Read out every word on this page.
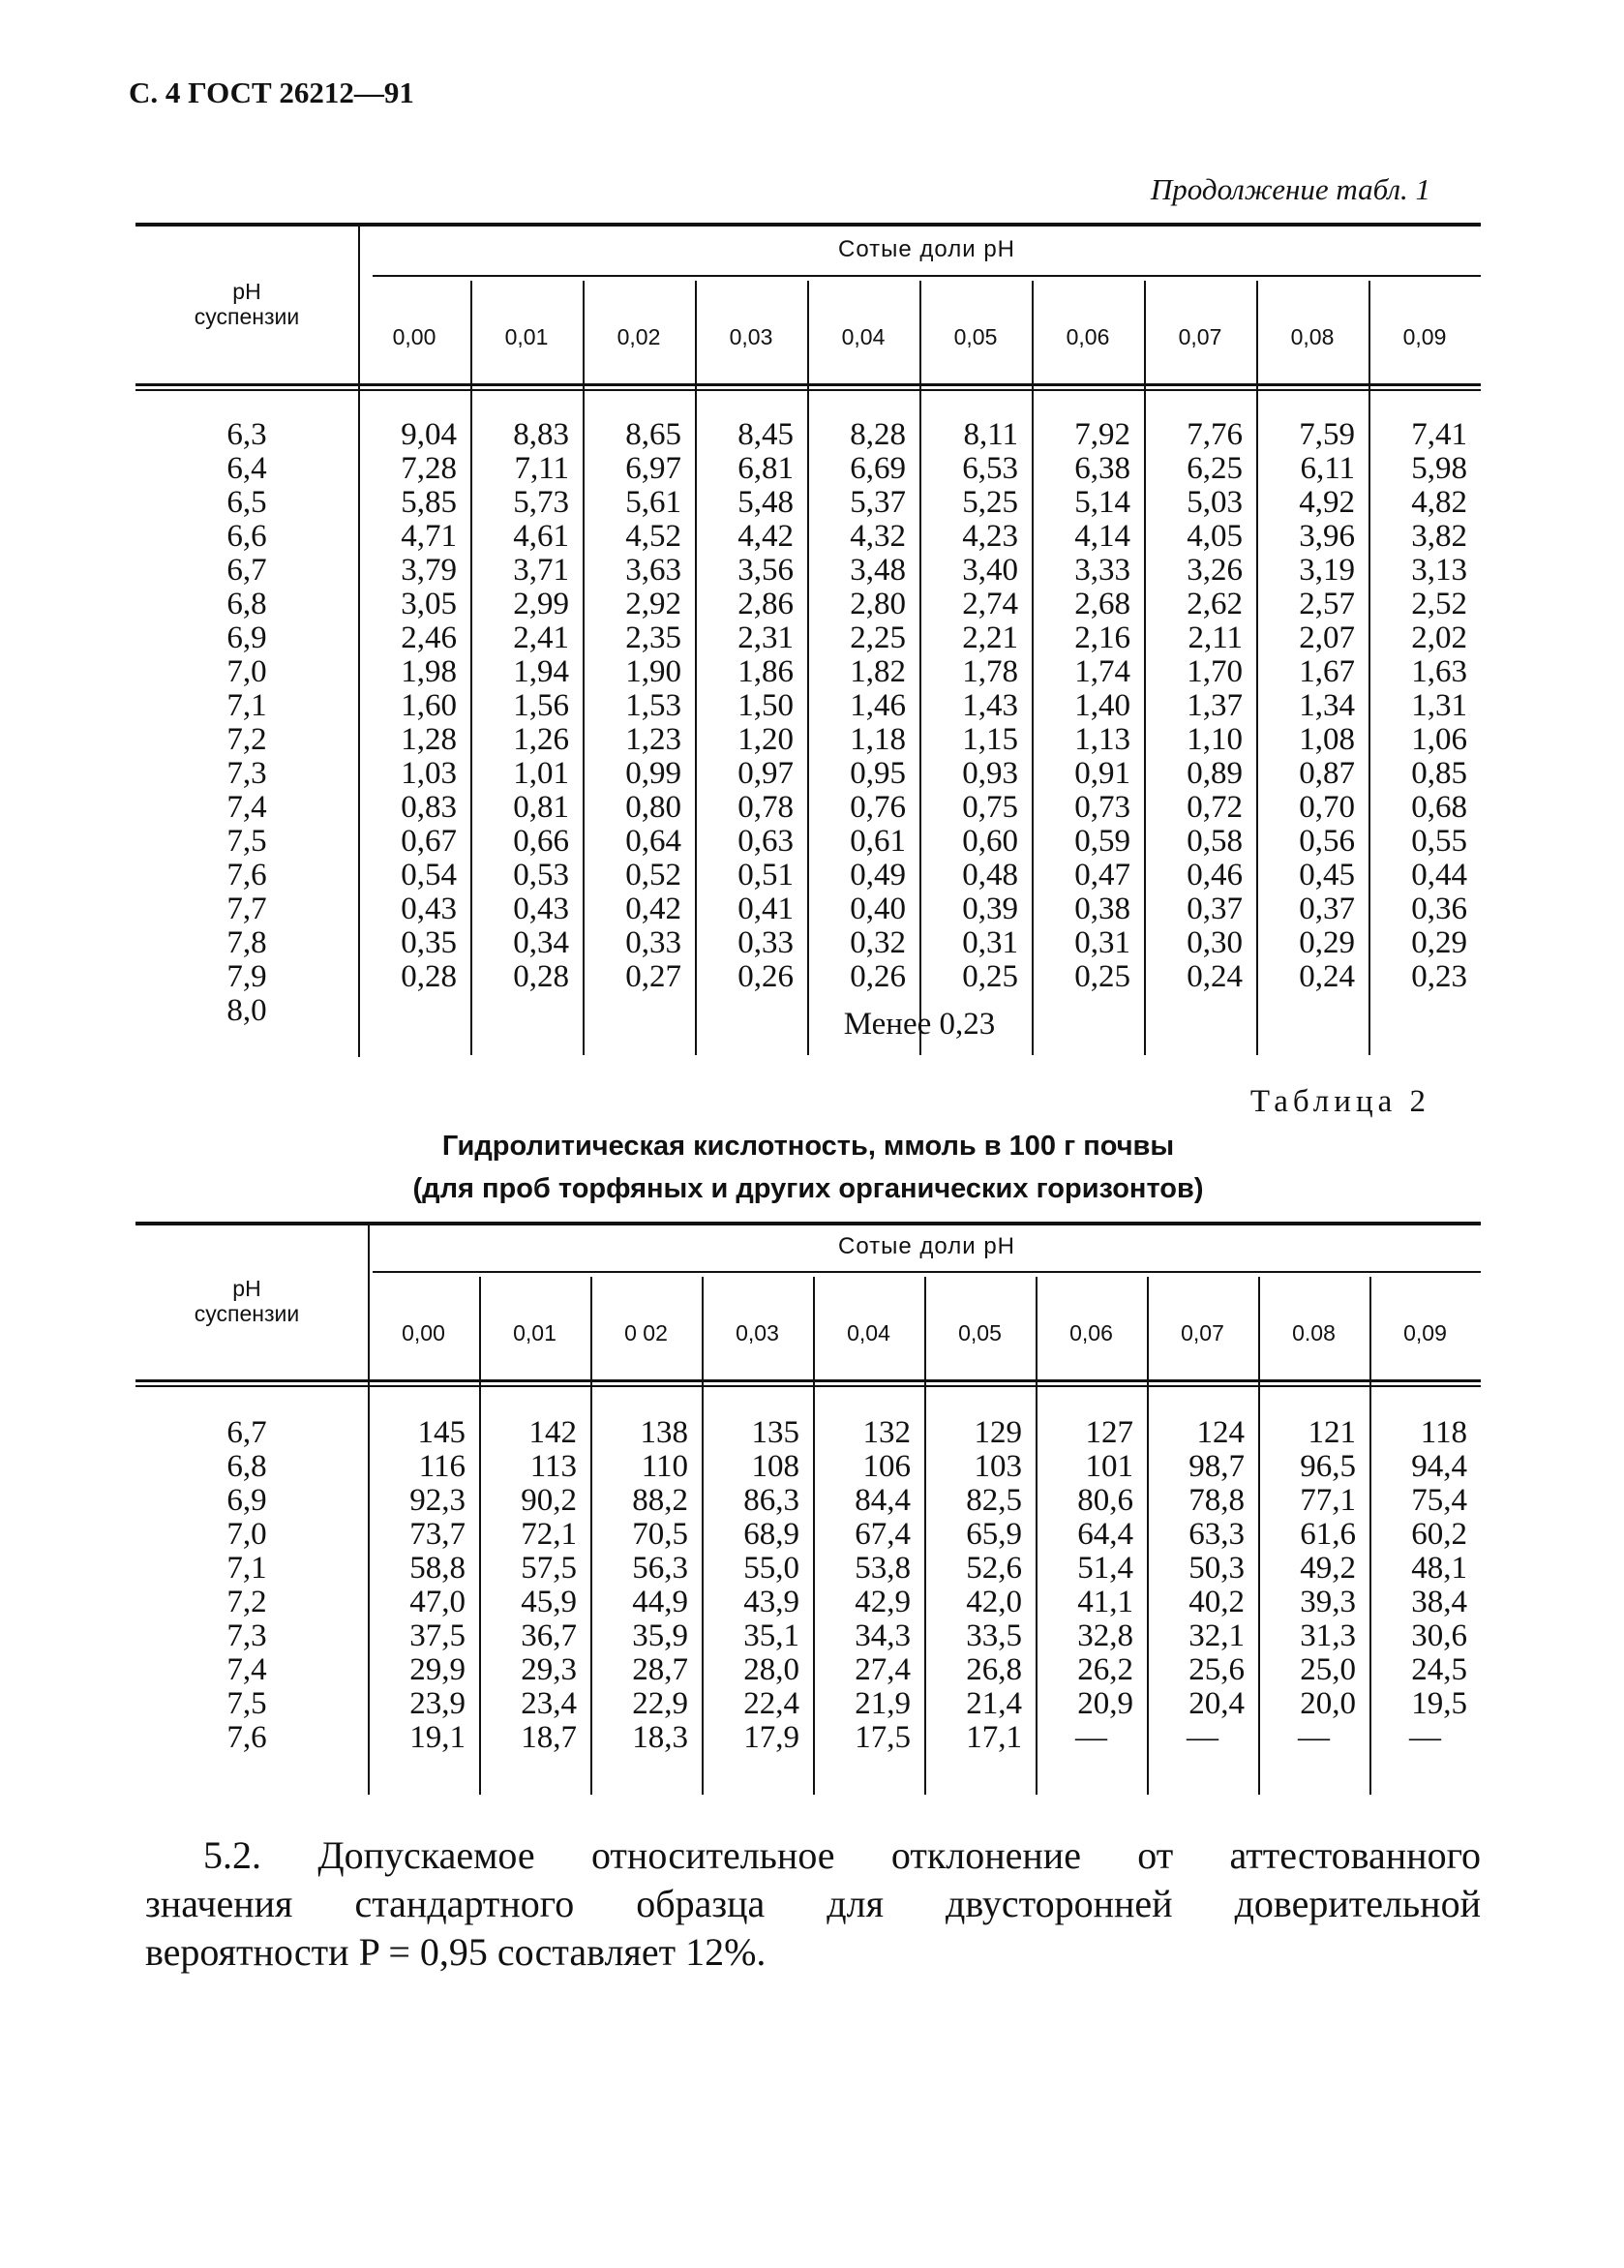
С. 4 ГОСТ 26212—91
Продолжение табл. 1
рН
суспензии
Сотые доли рН
0,00	0,01	0,02	0,03	0,04	0,05	0,06	0,07	0,08	0,09
6,3	9,04	8,83	8,65	8,45	8,28	8,11	7,92	7,76	7,59	7,41
6,4	7,28	7,11	6,97	6,81	6,69	6,53	6,38	6,25	6,11	5,98
6,5	5,85	5,73	5,61	5,48	5,37	5,25	5,14	5,03	4,92	4,82
6,6	4,71	4,61	4,52	4,42	4,32	4,23	4,14	4,05	3,96	3,82
6,7	3,79	3,71	3,63	3,56	3,48	3,40	3,33	3,26	3,19	3,13
6,8	3,05	2,99	2,92	2,86	2,80	2,74	2,68	2,62	2,57	2,52
6,9	2,46	2,41	2,35	2,31	2,25	2,21	2,16	2,11	2,07	2,02
7,0	1,98	1,94	1,90	1,86	1,82	1,78	1,74	1,70	1,67	1,63
7,1	1,60	1,56	1,53	1,50	1,46	1,43	1,40	1,37	1,34	1,31
7,2	1,28	1,26	1,23	1,20	1,18	1,15	1,13	1,10	1,08	1,06
7,3	1,03	1,01	0,99	0,97	0,95	0,93	0,91	0,89	0,87	0,85
7,4	0,83	0,81	0,80	0,78	0,76	0,75	0,73	0,72	0,70	0,68
7,5	0,67	0,66	0,64	0,63	0,61	0,60	0,59	0,58	0,56	0,55
7,6	0,54	0,53	0,52	0,51	0,49	0,48	0,47	0,46	0,45	0,44
7,7	0,43	0,43	0,42	0,41	0,40	0,39	0,38	0,37	0,37	0,36
7,8	0,35	0,34	0,33	0,33	0,32	0,31	0,31	0,30	0,29	0,29
7,9	0,28	0,28	0,27	0,26	0,26	0,25	0,25	0,24	0,24	0,23
8,0	Менее 0,23
Таблица 2
Гидролитическая кислотность, ммоль в 100 г почвы
(для проб торфяных и других органических горизонтов)
рН
суспензии
Сотые доли рН
0,00	0,01	0 02	0,03	0,04	0,05	0,06	0,07	0.08	0,09
6,7	145	142	138	135	132	129	127	124	121	118
6,8	116	113	110	108	106	103	101	98,7	96,5	94,4
6,9	92,3	90,2	88,2	86,3	84,4	82,5	80,6	78,8	77,1	75,4
7,0	73,7	72,1	70,5	68,9	67,4	65,9	64,4	63,3	61,6	60,2
7,1	58,8	57,5	56,3	55,0	53,8	52,6	51,4	50,3	49,2	48,1
7,2	47,0	45,9	44,9	43,9	42,9	42,0	41,1	40,2	39,3	38,4
7,3	37,5	36,7	35,9	35,1	34,3	33,5	32,8	32,1	31,3	30,6
7,4	29,9	29,3	28,7	28,0	27,4	26,8	26,2	25,6	25,0	24,5
7,5	23,9	23,4	22,9	22,4	21,9	21,4	20,9	20,4	20,0	19,5
7,6	19,1	18,7	18,3	17,9	17,5	17,1	—	—	—	—
5.2. Допускаемое относительное отклонение от аттестованного
значения стандартного образца для двусторонней доверительной
вероятности P = 0,95 составляет 12%.
